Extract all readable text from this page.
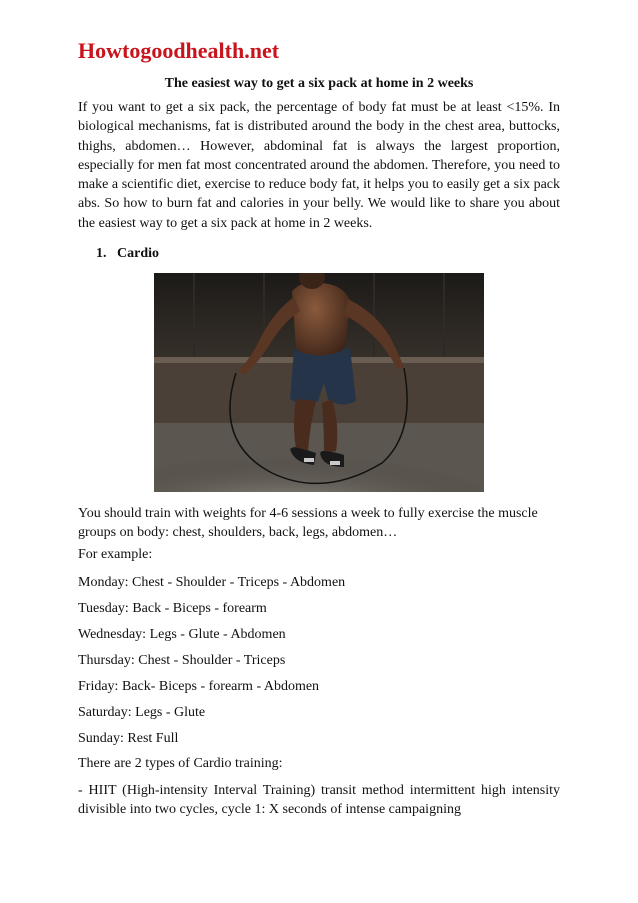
Howtogoodhealth.net
The easiest way to get a six pack at home in 2 weeks

If you want to get a six pack, the percentage of body fat must be at least <15%. In biological mechanisms, fat is distributed around the body in the chest area, buttocks, thighs, abdomen… However, abdominal fat is always the largest proportion, especially for men fat most concentrated around the abdomen. Therefore, you need to make a scientific diet, exercise to reduce body fat, it helps you to easily get a six pack abs. So how to burn fat and calories in your belly. We would like to share you about the easiest way to get a six pack at home in 2 weeks.

1. Cardio

You should train with weights for 4-6 sessions a week to fully exercise the muscle groups on body: chest, shoulders, back, legs, abdomen…

For example:

Monday: Chest - Shoulder - Triceps - Abdomen

Tuesday: Back - Biceps - forearm

Wednesday: Legs - Glute - Abdomen

Thursday: Chest - Shoulder - Triceps

Friday: Back- Biceps - forearm - Abdomen

Saturday: Legs - Glute

Sunday: Rest Full

There are 2 types of Cardio training:

- HIIT (High-intensity Interval Training) transit method intermittent high intensity divisible into two cycles, cycle 1: X seconds of intense campaigning
